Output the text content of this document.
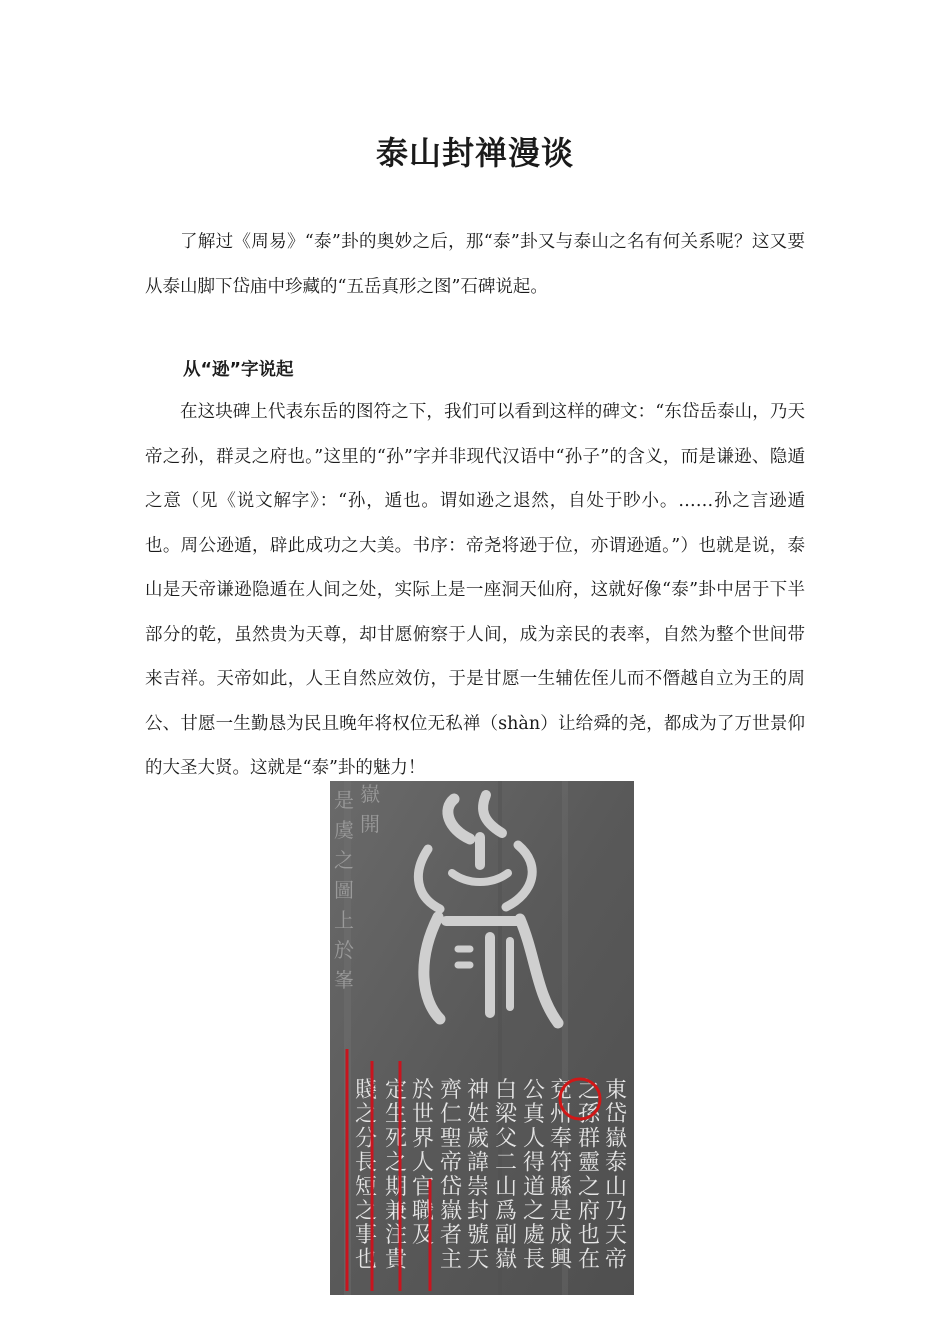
泰山封禅漫谈

了解过《周易》“泰”卦的奥妙之后，那“泰”卦又与泰山之名有何关系呢？这又要从泰山脚下岱庙中珍藏的“五岳真形之图”石碑说起。

从“逊”字说起

在这块碑上代表东岳的图符之下，我们可以看到这样的碑文：“东岱岳泰山，乃天帝之孙，群灵之府也。”这里的“孙”字并非现代汉语中“孙子”的含义，而是谦逊、隐遁之意（见《说文解字》：“孙，遁也。谓如逊之退然，自处于眇小。……孙之言逊遁也。周公逊遁，辟此成功之大美。书序：帝尧将逊于位，亦谓逊遁。”）也就是说，泰山是天帝谦逊隐遁在人间之处，实际上是一座洞天仙府，这就好像“泰”卦中居于下半部分的乾，虽然贵为天尊，却甘愿俯察于人间，成为亲民的表率，自然为整个世间带来吉祥。天帝如此，人王自然应效仿，于是甘愿一生辅佐侄儿而不僭越自立为王的周公、甘愿一生勤恳为民且晚年将权位无私禅（shàn）让给舜的尧，都成为了万世景仰的大圣大贤。这就是“泰”卦的魅力！

嶽開
是虞之圖上於峯
東岱嶽泰山乃天帝
之孫群靈之府也在
兗州奉符縣是成興
公真人得道之處長
白梁父二山爲副嶽
神姓歲諱崇封號天
齊仁聖帝岱嶽者主
於世界人官職及
定生死之期兼注貴
賤之分長短之事也
